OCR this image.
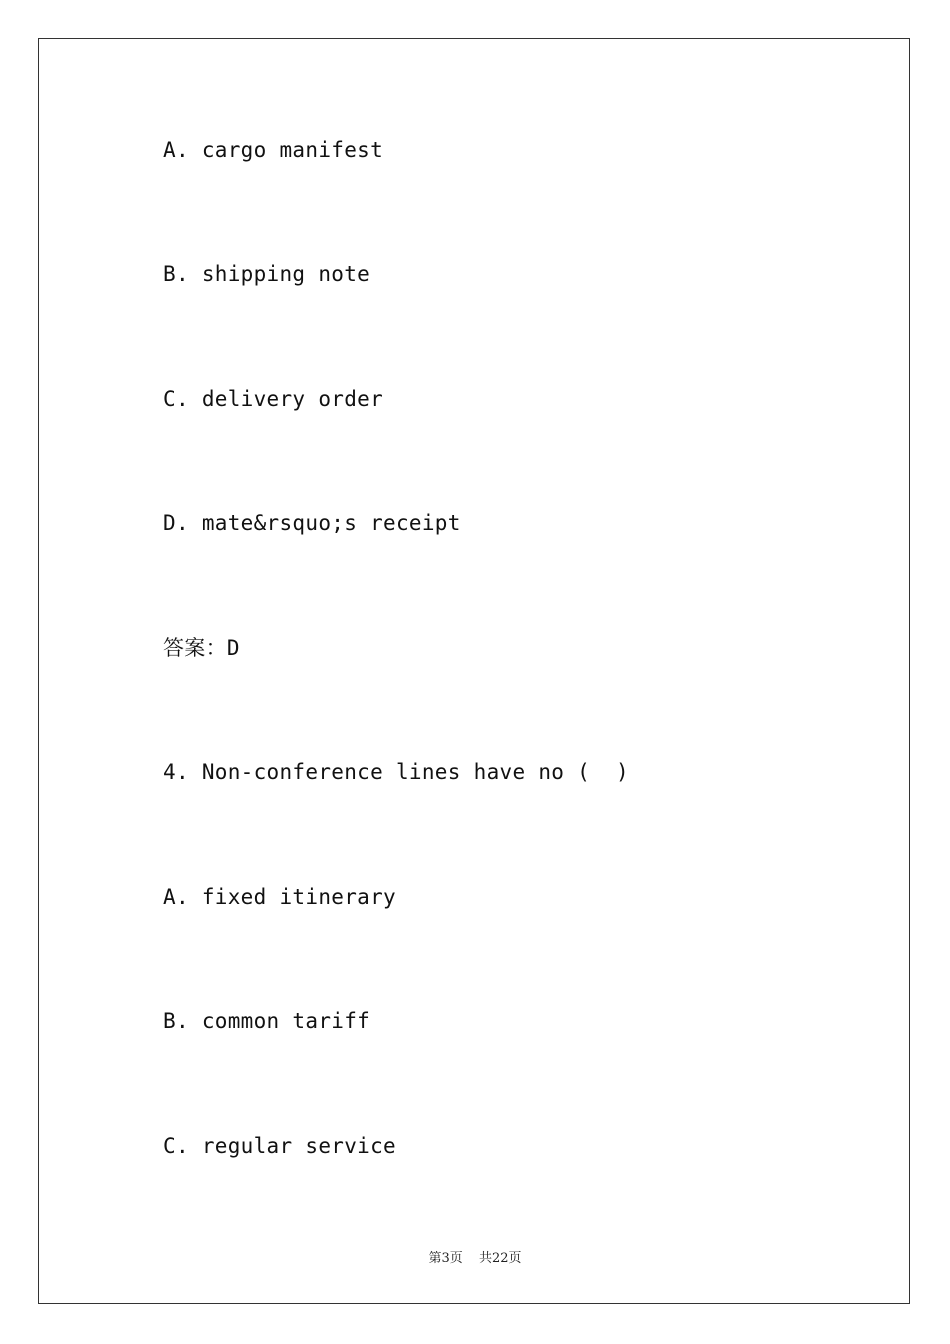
A. cargo manifest
B. shipping note
C. delivery order
D. mate&rsquo;s receipt
答案：D
4. Non-conference lines have no (  )
A. fixed itinerary
B. common tariff
C. regular service
第3页 共22页
